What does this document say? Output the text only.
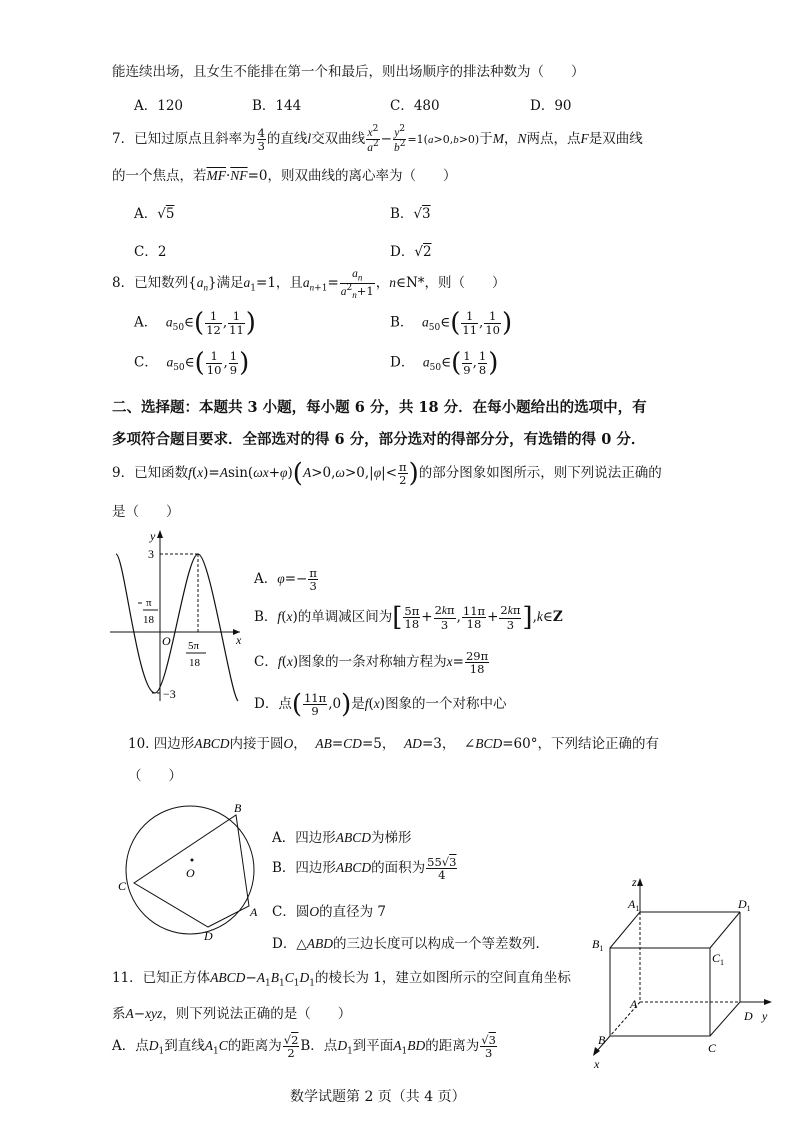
能连续出场，且女生不能排在第一个和最后，则出场顺序的排法种数为（　　）
A．120	B．144	C．480	D．90
7．已知过原点且斜率为 $\frac{4}{3}$ 的直线l交双曲线 $\frac{x^2}{a^2} - \frac{y^2}{b^2} =1(a>0,b>0)$于M，N两点，点F是双曲线
的一个焦点，若$\overline{MF}\cdot\overline{NF}=0$，则双曲线的离心率为（　　）
A．√5	B．√3
C．2	D．√2
8．已知数列$\{a_n\}$满足$a_1=1$，且$a_{n+1}= \frac{a_n}{a^2_n+1}$ ，n∈N*，则（　　）
A． $a_{50}\in( \frac{1}{12}$ , $\frac{1}{11}$ )	B． $a_{50}\in( \frac{1}{11}$ , $\frac{1}{10}$ )
C． $a_{50}\in( \frac{1}{10}$ , $\frac{1}{9}$ )	D． $a_{50}\in( \frac{1}{9}$ , $\frac{1}{8}$ )
二、选择题：本题共 3 小题，每小题 6 分，共 18 分．在每小题给出的选项中，有
多项符合题目要求．全部选对的得 6 分，部分选对的得部分分，有选错的得 0 分．
9．已知函数$f(x)=Asin(\omega x+\varphi)(A>0,\omega>0,|\varphi|< \frac{\pi}{2}$ )的部分图象如图所示，则下列说法正确的
是（　　）
y
x
O
3
−3
π
18
5π
18
A．$\varphi=- \frac{\pi}{3}$
B．f(x)的单调减区间为[ $\frac{5\pi}{18} + \frac{2k\pi}{3}$ , $\frac{11\pi}{18} + \frac{2k\pi}{3}$ ],k∈Z
C．f(x)图象的一条对称轴方程为$x= \frac{29\pi}{18}$
D．点( $\frac{11\pi}{9} ,0$)是f(x)图象的一个对称中心
10. 四边形ABCD内接于圆O， AB=CD=5， AD=3，  ∠BCD=60°，下列结论正确的有
（　　）
B
A
D
C
O
A．四边形ABCD为梯形
B．四边形ABCD的面积为 $\frac{55√3}{4}$
C．圆O的直径为 7
D．△ABD的三边长度可以构成一个等差数列.
11．已知正方体$ABCD-A_1B_1C_1D_1$的棱长为 1，建立如图所示的空间直角坐标
系A−xyz，则下列说法正确的是（　　）
A．点$D_1$到直线$A_1C$的距离为 $\frac{√2}{2}$ B．点$D_1$到平面$A_1BD$的距离为 $\frac{√3}{3}$
z
y
x
$A_1$	$D_1$
$B_1$
$C_1$
A
D
B
C
数学试题第 2 页（共 4 页）
